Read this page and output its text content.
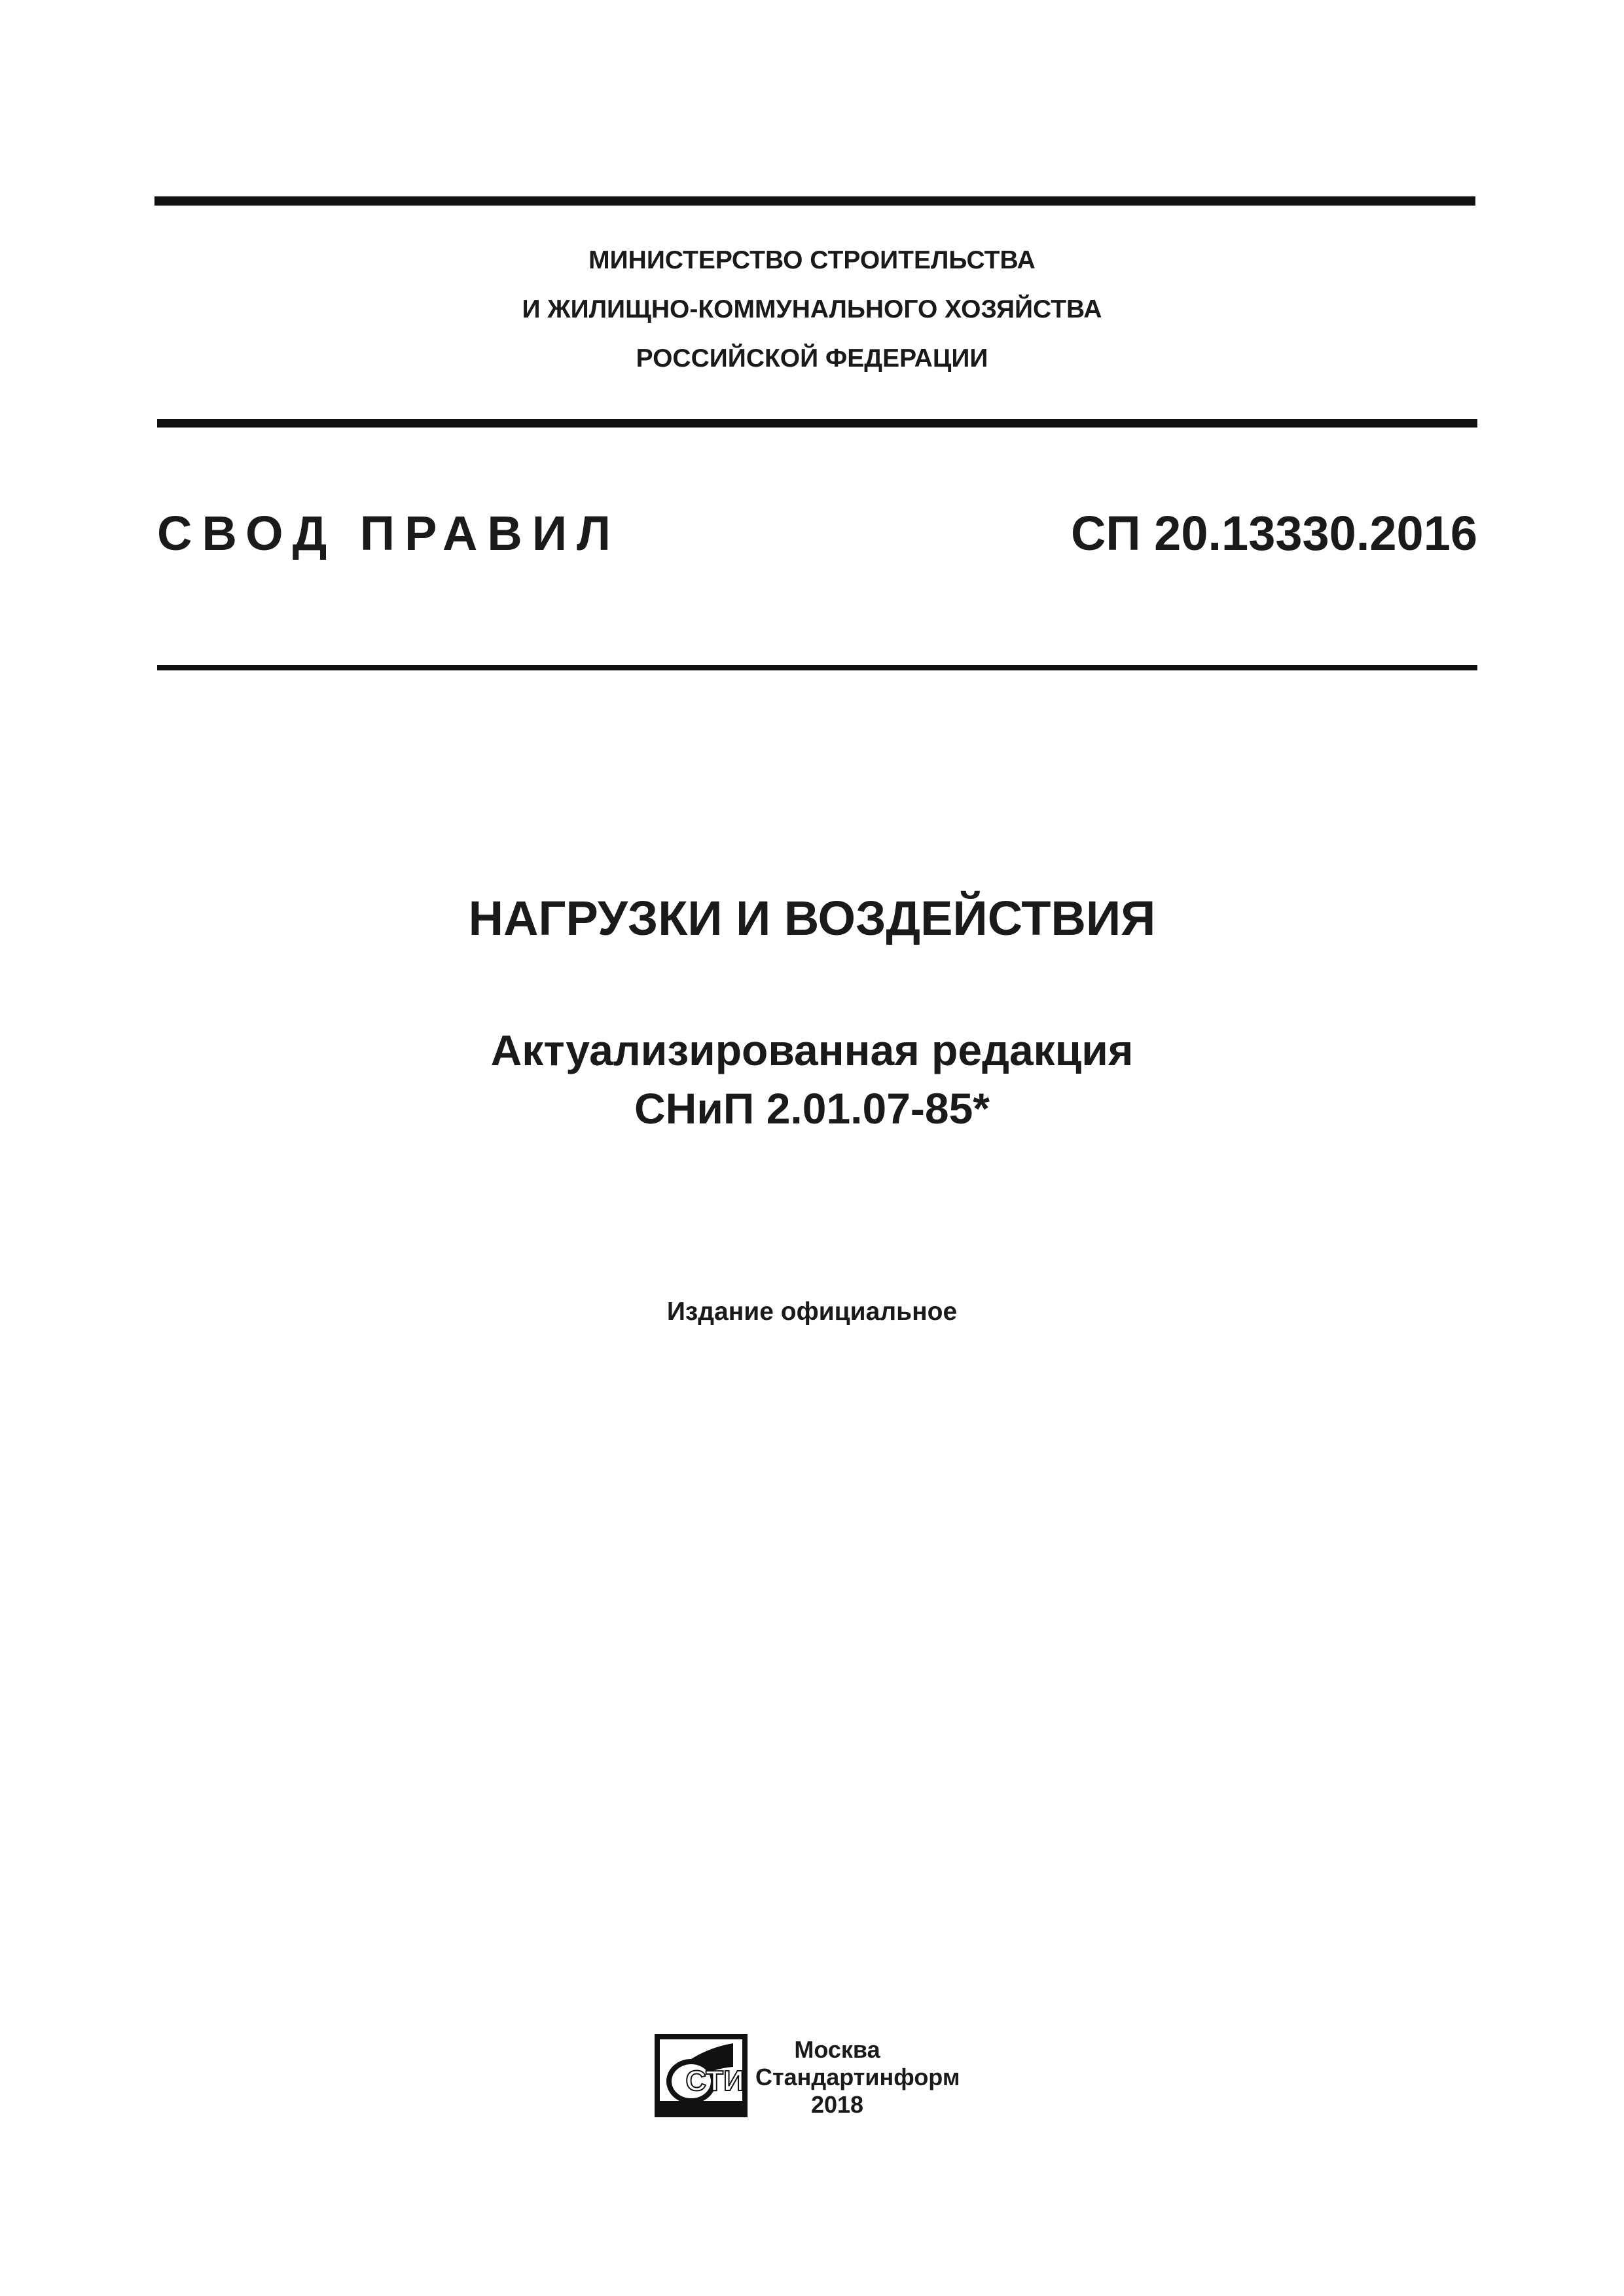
МИНИСТЕРСТВО СТРОИТЕЛЬСТВА
И ЖИЛИЩНО-КОММУНАЛЬНОГО ХОЗЯЙСТВА
РОССИЙСКОЙ ФЕДЕРАЦИИ
СВОД ПРАВИЛ	СП 20.13330.2016
НАГРУЗКИ И ВОЗДЕЙСТВИЯ
Актуализированная редакция
СНиП 2.01.07-85*
Издание официальное
СТИ
Москва
Стандартинформ
2018
